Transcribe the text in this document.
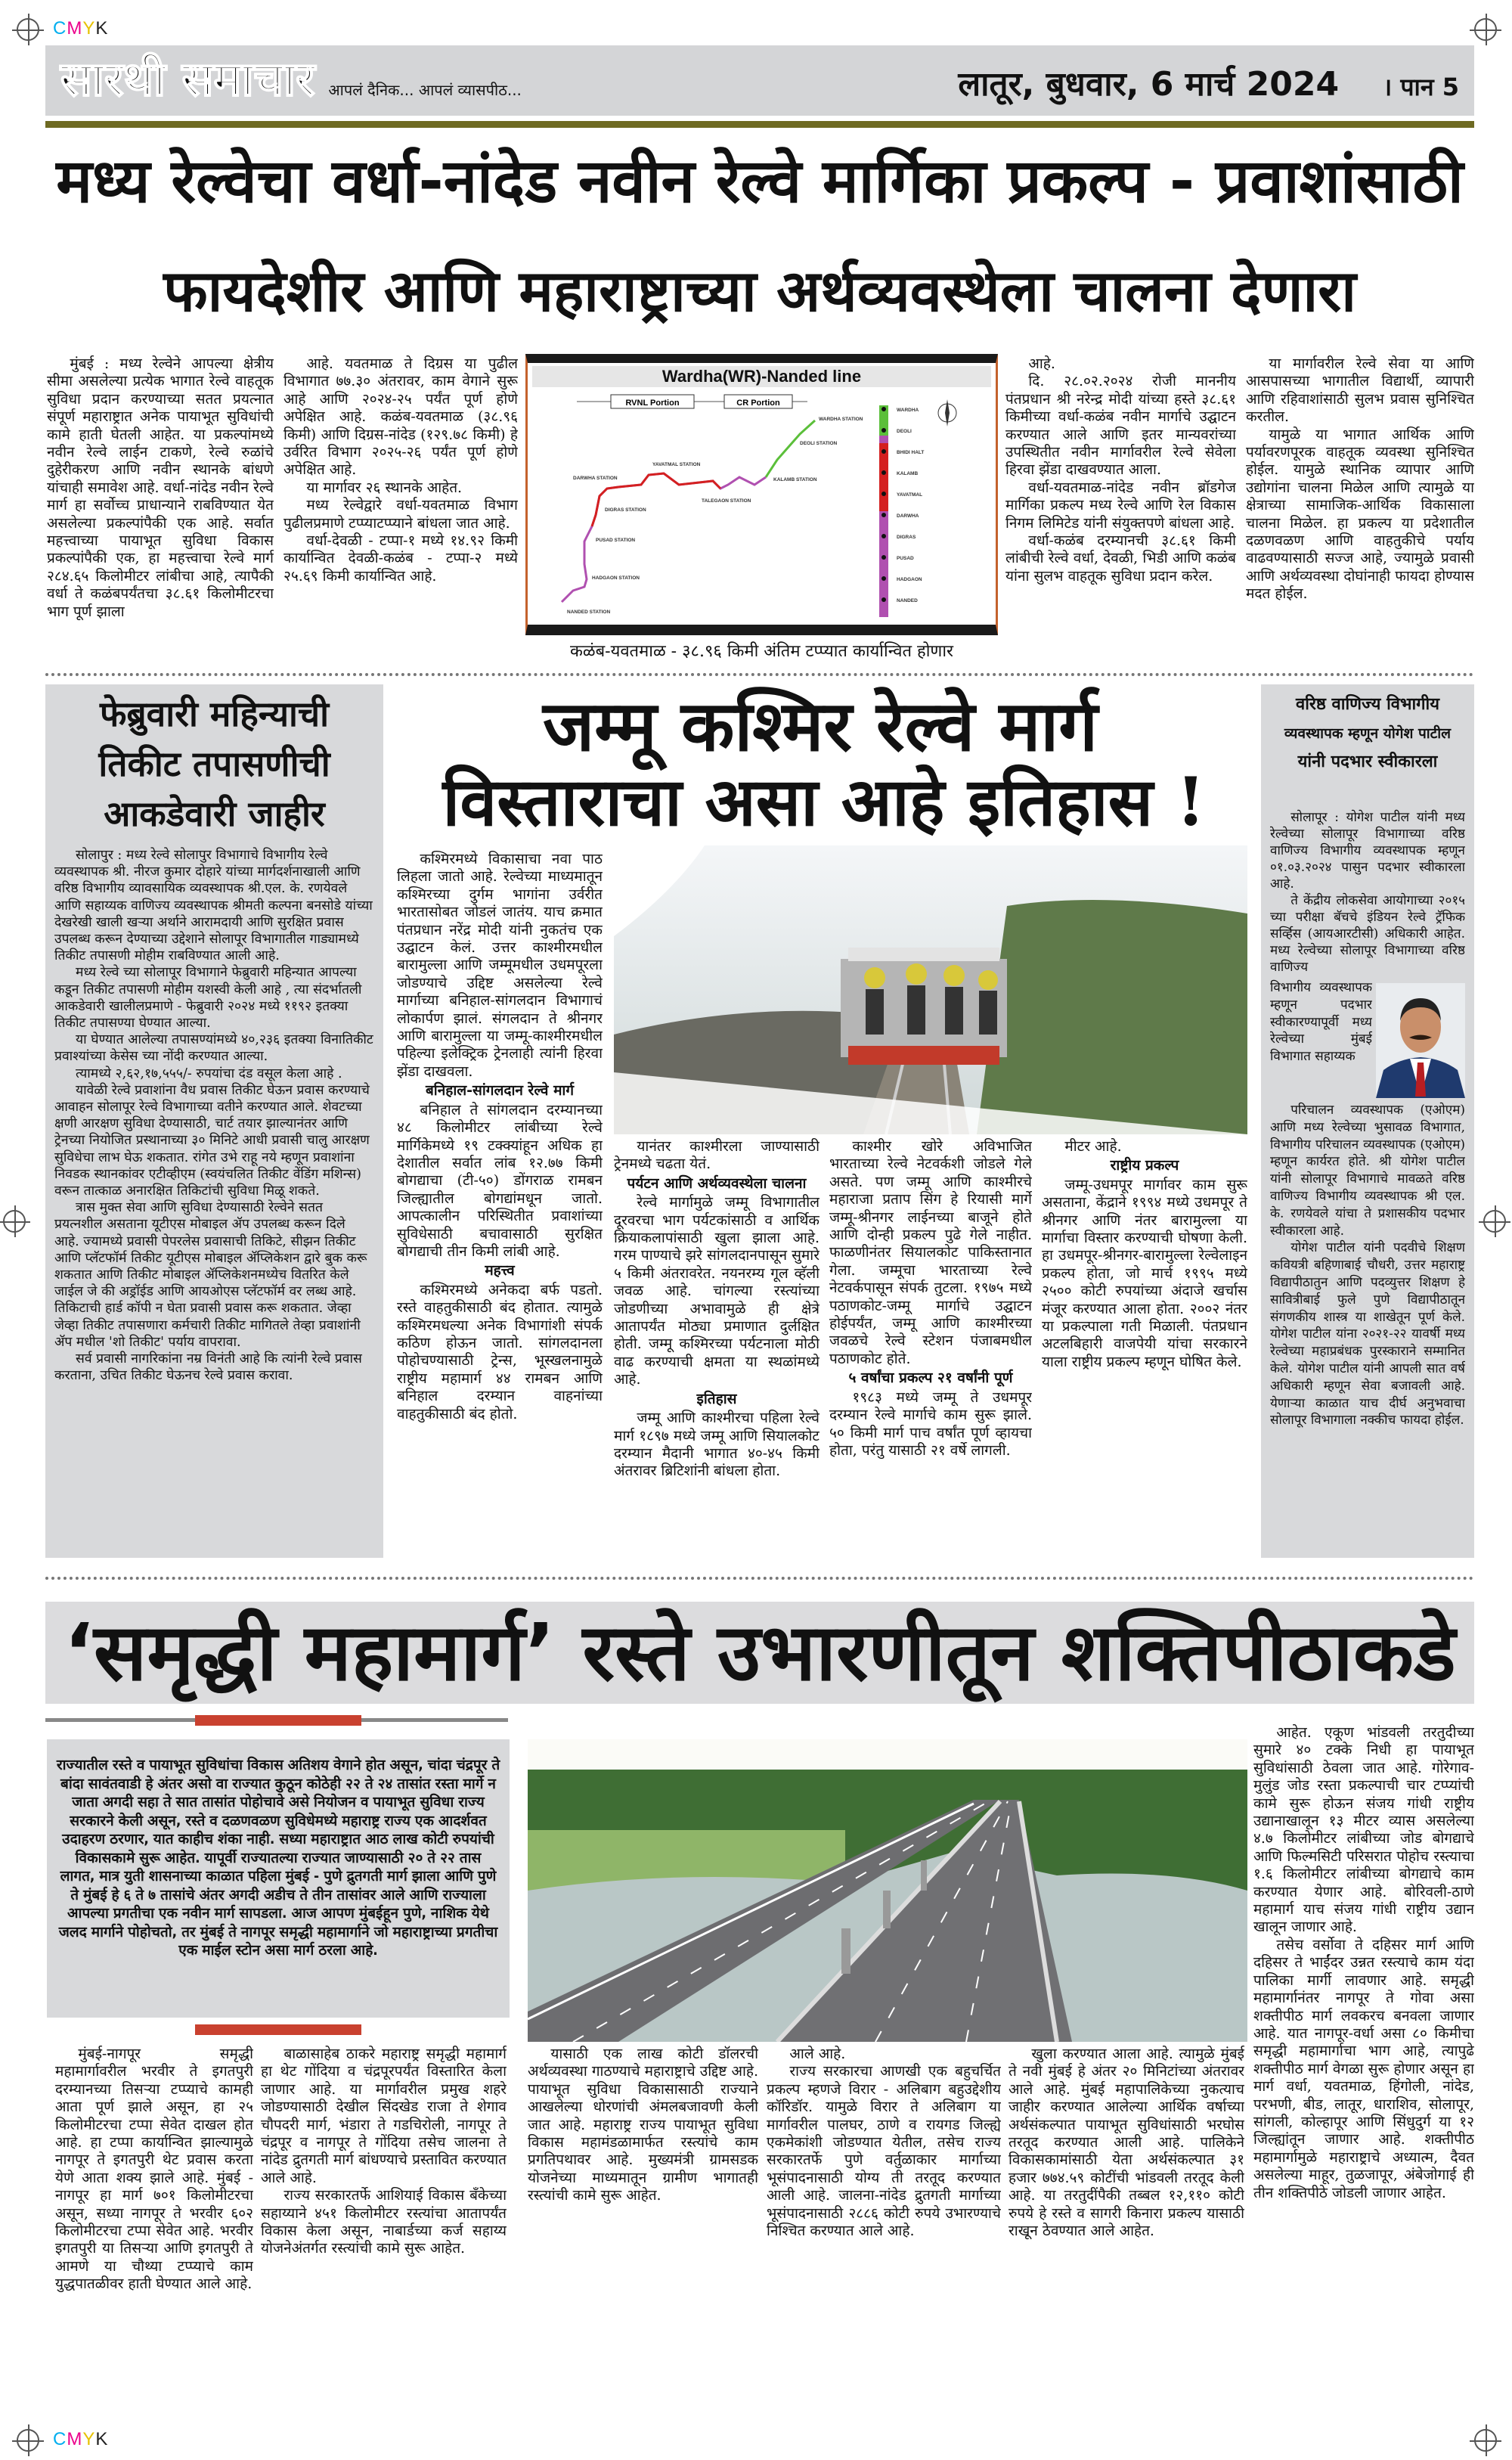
CMYK
CMYK
सारथी समाचार आपलं दैनिक... आपलं व्यासपीठ...	लातूर, बुधवार, 6 मार्च 2024 । पान 5
मध्य रेल्वेचा वर्धा-नांदेड नवीन रेल्वे मार्गिका प्रकल्प - प्रवाशांसाठी
फायदेशीर आणि महाराष्ट्राच्या अर्थव्यवस्थेला चालना देणारा

मुंबई : मध्य रेल्वेने आपल्या क्षेत्रीय सीमा असलेल्या प्रत्येक भागात रेल्वे वाहतूक सुविधा प्रदान करण्याच्या सतत प्रयत्नात संपूर्ण महाराष्ट्रात अनेक पायाभूत सुविधांची कामे हाती घेतली आहेत. या प्रकल्पांमध्ये नवीन रेल्वे लाईन टाकणे, रेल्वे रुळांचे दुहेरीकरण आणि नवीन स्थानके बांधणे यांचाही समावेश आहे. वर्धा-नांदेड नवीन रेल्वे मार्ग हा सर्वोच्च प्राधान्याने राबविण्यात येत असलेल्या प्रकल्पांपैकी एक आहे. सर्वात महत्त्वाच्या पायाभूत सुविधा विकास प्रकल्पांपैकी एक, हा महत्त्वाचा रेल्वे मार्ग २८४.६५ किलोमीटर लांबीचा आहे, त्यापैकी वर्धा ते कळंबपर्यंतचा ३८.६१ किलोमीटरचा भाग पूर्ण झाला

आहे. यवतमाळ ते दिग्रस या पुढील विभागात ७७.३० अंतरावर, काम वेगाने सुरू आहे आणि २०२४-२५ पर्यंत पूर्ण होणे अपेक्षित आहे. कळंब-यवतमाळ (३८.९६ किमी) आणि दिग्रस-नांदेड (१२९.७८ किमी) हे उर्वरित विभाग २०२५-२६ पर्यंत पूर्ण होणे अपेक्षित आहे.

या मार्गावर २६ स्थानके आहेत.

मध्य रेल्वेद्वारे वर्धा-यवतमाळ विभाग पुढीलप्रमाणे टप्प्याटप्प्याने बांधला जात आहे.

वर्धा-देवळी - टप्पा-१ मध्ये १४.९२ किमी कार्यान्वित देवळी-कळंब - टप्पा-२ मध्ये २५.६९ किमी कार्यान्वित आहे.

Wardha(WR)-Nanded line
RVNL Portion	CR Portion
WARDHA STATION
DEOLI STATION
KALAMB STATION
YAVATMAL STATION
TALEGAON STATION
DARWHA STATION
DIGRAS STATION
PUSAD STATION
HADGAON STATION
NANDED STATION
WARDHA
DEOLI
BHIDI HALT
KALAMB
YAVATMAL
DARWHA
DIGRAS
PUSAD
HADGAON
NANDED
कळंब-यवतमाळ - ३८.९६ किमी अंतिम टप्प्यात कार्यान्वित होणार

आहे.

दि. २८.०२.२०२४ रोजी माननीय पंतप्रधान श्री नरेन्द्र मोदी यांच्या हस्ते ३८.६१ किमीच्या वर्धा-कळंब नवीन मार्गाचे उद्घाटन करण्यात आले आणि इतर मान्यवरांच्या उपस्थितीत नवीन मार्गावरील रेल्वे सेवेला हिरवा झेंडा दाखवण्यात आला.

वर्धा-यवतमाळ-नांदेड नवीन ब्रॉडगेज मार्गिका प्रकल्प मध्य रेल्वे आणि रेल विकास निगम लिमिटेड यांनी संयुक्तपणे बांधला आहे.

वर्धा-कळंब दरम्यानची ३८.६१ किमी लांबीची रेल्वे वर्धा, देवळी, भिडी आणि कळंब यांना सुलभ वाहतूक सुविधा प्रदान करेल.

या मार्गावरील रेल्वे सेवा या आणि आसपासच्या भागातील विद्यार्थी, व्यापारी आणि रहिवाशांसाठी सुलभ प्रवास सुनिश्चित करतील.

यामुळे या भागात आर्थिक आणि पर्यावरणपूरक वाहतूक व्यवस्था सुनिश्चित होईल. यामुळे स्थानिक व्यापार आणि उद्योगांना चालना मिळेल आणि त्यामुळे या क्षेत्राच्या सामाजिक-आर्थिक विकासाला चालना मिळेल. हा प्रकल्प या प्रदेशातील दळणवळण आणि वाहतुकीचे पर्याय वाढवण्यासाठी सज्ज आहे, ज्यामुळे प्रवासी आणि अर्थव्यवस्था दोघांनाही फायदा होण्यास मदत होईल.

फेब्रुवारी महिन्याची
तिकीट तपासणीची
आकडेवारी जाहीर

सोलापुर : मध्य रेल्वे सोलापुर विभागाचे विभागीय रेल्वे व्यवस्थापक श्री. नीरज कुमार दोहारे यांच्या मार्गदर्शनाखाली आणि वरिष्ठ विभागीय व्यावसायिक व्यवस्थापक श्री.एल. के. रणयेवले आणि सहाय्यक वाणिज्य व्यवस्थापक श्रीमती कल्पना बनसोडे यांच्या देखरेखी खाली खऱ्या अर्थाने आरामदायी आणि सुरक्षित प्रवास उपलब्ध करून देण्याच्या उद्देशाने सोलापूर विभागातील गाड्यामध्ये तिकीट तपासणी मोहीम राबविण्यात आली आहे.

मध्य रेल्वे च्या सोलापूर विभागाने फेब्रुवारी महिन्यात आपल्या कडून तिकीट तपासणी मोहीम यशस्वी केली आहे , त्या संदर्भातली आकडेवारी खालीलप्रमाणे - फेब्रुवारी २०२४ मध्ये ११९२ इतक्या तिकीट तपासण्या घेण्यात आल्या.

या घेण्यात आलेल्या तपासण्यांमध्ये ४०,२३६ इतक्या विनातिकीट प्रवाश्यांच्या केसेस च्या नोंदी करण्यात आल्या.

त्यामध्ये २,६२,१७,५५५/- रुपयांचा दंड वसूल केला आहे .

यावेळी रेल्वे प्रवाशांना वैध प्रवास तिकीट घेऊन प्रवास करण्याचे आवाहन सोलापूर रेल्वे विभागाच्या वतीने करण्यात आले. शेवटच्या क्षणी आरक्षण सुविधा देण्यासाठी, चार्ट तयार झाल्यानंतर आणि ट्रेनच्या नियोजित प्रस्थानाच्या ३० मिनिटे आधी प्रवासी चालु आरक्षण सुविधेचा लाभ घेऊ शकतात. रांगेत उभे राहू नये म्हणून प्रवाशांना निवडक स्थानकांवर एटीव्हीएम (स्वयंचलित तिकीट वेंडिंग मशिन्स) वरून तात्काळ अनारक्षित तिकिटांची सुविधा मिळू शकते.

त्रास मुक्त सेवा आणि सुविधा देण्यासाठी रेल्वेने सतत प्रयत्नशील असताना यूटीएस मोबाइल ॲप उपलब्ध करून दिले आहे. ज्यामध्ये प्रवासी पेपरलेस प्रवासाची तिकिटे, सीझन तिकीट आणि प्लॅटफॉर्म तिकीट यूटीएस मोबाइल ॲप्लिकेशन द्वारे बुक करू शकतात आणि तिकीट मोबाइल ॲप्लिकेशनमध्येच वितरित केले जाईल जे की अड्रॉईड आणि आयओएस प्लॅटफॉर्म वर लब्ध आहे. तिकिटाची हार्ड कॉपी न घेता प्रवासी प्रवास करू शकतात. जेव्हा जेव्हा तिकीट तपासणारा कर्मचारी तिकीट मागितले तेव्हा प्रवाशांनी ॲप मधील 'शो तिकीट' पर्याय वापरावा.

सर्व प्रवासी नागरिकांना नम्र विनंती आहे कि त्यांनी रेल्वे प्रवास करताना, उचित तिकीट घेऊनच रेल्वे प्रवास करावा.

जम्मू कश्मिर रेल्वे मार्ग
विस्ताराचा असा आहे इतिहास !

कश्मिरमध्ये विकासाचा नवा पाठ लिहला जातो आहे. रेल्वेच्या माध्यमातून कश्मिरच्या दुर्गम भागांना उर्वरीत भारतासोबत जोडलं जातंय. याच क्रमात पंतप्रधान नरेंद्र मोदी यांनी नुकतंच एक उद्घाटन केलं. उत्तर काश्मीरमधील बारामुल्ला आणि जम्मूमधील उधमपूरला जोडण्याचे उद्दिष्ट असलेल्या रेल्वे मार्गाच्या बनिहाल-सांगलदान विभागाचं लोकार्पण झालं. संगलदान ते श्रीनगर आणि बारामुल्ला या जम्मू-काश्मीरमधील पहिल्या इलेक्ट्रिक ट्रेनलाही त्यांनी हिरवा झेंडा दाखवला.

बनिहाल-सांगलदान रेल्वे मार्ग

बनिहाल ते सांगलदान दरम्यानच्या ४८ किलोमीटर लांबीच्या रेल्वे मार्गिकेमध्ये १९ टक्क्यांहून अधिक हा देशातील सर्वात लांब १२.७७ किमी बोगद्याचा (टी-५०) डोंगराळ रामबन जिल्ह्यातील बोगद्यांमधून जातो. आपत्कालीन परिस्थितीत प्रवाशांच्या सुविधेसाठी बचावासाठी सुरक्षित बोगद्याची तीन किमी लांबी आहे.

महत्त्व

कश्मिरमध्ये अनेकदा बर्फ पडतो. रस्ते वाहतुकीसाठी बंद होतात. त्यामुळे कश्मिरमधल्या अनेक विभागांशी संपर्क कठिण होऊन जातो. सांगलदानला पोहोचण्यासाठी ट्रेन्स, भूस्खलनामुळे राष्ट्रीय महामार्ग ४४ रामबन आणि बनिहाल दरम्यान वाहनांच्या वाहतुकीसाठी बंद होतो.

यानंतर काश्मीरला जाण्यासाठी ट्रेनमध्ये चढता येतं.

पर्यटन आणि अर्थव्यवस्थेला चालना

रेल्वे मार्गामुळे जम्मू विभागातील दूरवरचा भाग पर्यटकांसाठी व आर्थिक क्रियाकलापांसाठी खुला झाला आहे. गरम पाण्याचे झरे सांगलदानपासून सुमारे ५ किमी अंतरावरेत. नयनरम्य गूल व्हॅली जवळ आहे. चांगल्या रस्त्यांच्या जोडणीच्या अभावामुळे ही क्षेत्रे आतापर्यंत मोठ्या प्रमाणात दुर्लक्षित होती. जम्मू कश्मिरच्या पर्यटनाला मोठी वाढ करण्याची क्षमता या स्थळांमध्ये आहे.

इतिहास

जम्मू आणि काश्मीरचा पहिला रेल्वे मार्ग १८९७ मध्ये जम्मू आणि सियालकोट दरम्यान मैदानी भागात ४०-४५ किमी अंतरावर ब्रिटिशांनी बांधला होता.

काश्मीर खोरे अविभाजित भारताच्या रेल्वे नेटवर्कशी जोडले गेले असते. पण जम्मू आणि काश्मीरचे महाराजा प्रताप सिंग हे रियासी मार्गे जम्मू-श्रीनगर लाईनच्या बाजूने होते आणि दोन्ही प्रकल्प पुढे गेले नाहीत. फाळणीनंतर सियालकोट पाकिस्तानात गेला. जम्मूचा भारताच्या रेल्वे नेटवर्कपासून संपर्क तुटला. १९७५ मध्ये पठाणकोट-जम्मू मार्गाचे उद्घाटन होईपर्यंत, जम्मू आणि काश्मीरच्या जवळचे रेल्वे स्टेशन पंजाबमधील पठाणकोट होते.

५ वर्षांचा प्रकल्प २१ वर्षांनी पूर्ण

१९८३ मध्ये जम्मू ते उधमपूर दरम्यान रेल्वे मार्गाचे काम सुरू झाले. ५० किमी मार्ग पाच वर्षांत पूर्ण व्हायचा होता, परंतु यासाठी २१ वर्षे लागली.

मीटर आहे.

राष्ट्रीय प्रकल्प

जम्मू-उधमपूर मार्गावर काम सुरू असताना, केंद्राने १९९४ मध्ये उधमपूर ते श्रीनगर आणि नंतर बारामुल्ला या मार्गाचा विस्तार करण्याची घोषणा केली. हा उधमपूर-श्रीनगर-बारामुल्ला रेल्वेलाइन प्रकल्प होता, जो मार्च १९९५ मध्ये २५०० कोटी रुपयांच्या अंदाजे खर्चास मंजूर करण्यात आला होता. २००२ नंतर या प्रकल्पाला गती मिळाली. पंतप्रधान अटलबिहारी वाजपेयी यांचा सरकारने याला राष्ट्रीय प्रकल्प म्हणून घोषित केले.

वरिष्ठ वाणिज्य विभागीय
व्यवस्थापक म्हणून योगेश पाटील
यांनी पदभार स्वीकारला

सोलापूर : योगेश पाटील यांनी मध्य रेल्वेच्या सोलापूर विभागाच्या वरिष्ठ वाणिज्य विभागीय व्यवस्थापक म्हणून ०१.०३.२०२४ पासुन पदभार स्वीकारला आहे.

ते केंद्रीय लोकसेवा आयोगाच्या २०१५ च्या परीक्षा बॅचचे इंडियन रेल्वे ट्रॅफिक सर्व्हिस (आयआरटीसी) अधिकारी आहेत. मध्य रेल्वेच्या सोलापूर विभागाच्या वरिष्ठ वाणिज्य

विभागीय व्यवस्थापक म्हणून पदभार स्वीकारण्यापूर्वी मध्य रेल्वेच्या मुंबई विभागात सहाय्यक

परिचालन व्यवस्थापक (एओएम) आणि मध्य रेल्वेच्या भुसावळ विभागात, विभागीय परिचालन व्यवस्थापक (एओएम) म्हणून कार्यरत होते. श्री योगेश पाटील यांनी सोलापूर विभागाचे मावळते वरिष्ठ वाणिज्य विभागीय व्यवस्थापक श्री एल. के. रणयेवले यांचा ते प्रशासकीय पदभार स्वीकारला आहे.

योगेश पाटील यांनी पदवीचे शिक्षण कवियत्री बहिणाबाई चौधरी, उत्तर महाराष्ट्र विद्यापीठातुन आणि पदव्युत्तर शिक्षण हे सावित्रीबाई फुले पुणे विद्यापीठातून संगणकीय शास्त्र या शाखेतून पूर्ण केले. योगेश पाटील यांना २०२१-२२ यावर्षी मध्य रेल्वेच्या महाप्रबंधक पुरस्काराने सम्मानित केले. योगेश पाटील यांनी आपली सात वर्ष अधिकारी म्हणून सेवा बजावली आहे. येणाऱ्या काळात याच दीर्घ अनुभवाचा सोलापूर विभागाला नक्कीच फायदा होईल.

‘समृद्धी महामार्ग’ रस्ते उभारणीतून शक्तिपीठाकडे
राज्यातील रस्ते व पायाभूत सुविधांचा विकास अतिशय वेगाने होत असून, चांदा चंद्रपूर ते बांदा सावंतवाडी हे अंतर असो वा राज्यात कुठून कोठेही २२ ते २४ तासांत रस्ता मार्गे न जाता अगदी सहा ते सात तासांत पोहोचावे असे नियोजन व पायाभूत सुविधा राज्य सरकारने केली असून, रस्ते व दळणवळण सुविधेमध्ये महाराष्ट्र राज्य एक आदर्शवत उदाहरण ठरणार, यात काहीच शंका नाही. सध्या महाराष्ट्रात आठ लाख कोटी रुपयांची विकासकामे सुरू आहेत. यापूर्वी राज्यातल्या राज्यात जाण्यासाठी २० ते २२ तास लागत, मात्र युती शासनाच्या काळात पहिला मुंबई - पुणे द्रुतगती मार्ग झाला आणि पुणे ते मुंबई हे ६ ते ७ तासांचे अंतर अगदी अडीच ते तीन तासांवर आले आणि राज्याला आपल्या प्रगतीचा एक नवीन मार्ग सापडला. आज आपण मुंबईहून पुणे, नाशिक येथे जलद मार्गाने पोहोचतो, तर मुंबई ते नागपूर समृद्धी महामार्गाने जो महाराष्ट्राच्या प्रगतीचा एक माईल स्टोन असा मार्ग ठरला आहे.

मुंबई-नागपूर समृद्धी महामार्गावरील भरवीर ते इगतपुरी दरम्यानच्या तिसऱ्या टप्प्याचे कामही आता पूर्ण झाले असून, हा २५ किलोमीटरचा टप्पा सेवेत दाखल होत आहे. हा टप्पा कार्यान्वित झाल्यामुळे नागपूर ते इगतपुरी थेट प्रवास करता येणे आता शक्य झाले आहे. मुंबई - नागपूर हा मार्ग ७०१ किलोमीटरचा असून, सध्या नागपूर ते भरवीर ६०२ किलोमीटरचा टप्पा सेवेत आहे. भरवीर इगतपुरी या तिसऱ्या आणि इगतपुरी ते आमणे या चौथ्या टप्प्याचे काम युद्धपातळीवर हाती घेण्यात आले आहे.

बाळासाहेब ठाकरे महाराष्ट्र समृद्धी महामार्ग हा थेट गोंदिया व चंद्रपूरपर्यंत विस्तारित केला जाणार आहे. या मार्गावरील प्रमुख शहरे जोडण्यासाठी देखील सिंदखेड राजा ते शेगाव चौपदरी मार्ग, भंडारा ते गडचिरोली, नागपूर ते चंद्रपूर व नागपूर ते गोंदिया तसेच जालना ते नांदेड द्रुतगती मार्ग बांधण्याचे प्रस्तावित करण्यात आले आहे.

राज्य सरकारतर्फे आशियाई विकास बँकेच्या सहाय्याने ४५१ किलोमीटर रस्त्यांचा आतापर्यंत विकास केला असून, नाबार्डच्या कर्ज सहाय्य योजनेअंतर्गत रस्त्यांची कामे सुरू आहेत.

यासाठी एक लाख कोटी डॉलरची अर्थव्यवस्था गाठण्याचे महाराष्ट्राचे उद्दिष्ट आहे. पायाभूत सुविधा विकासासाठी राज्याने आखलेल्या धोरणांची अंमलबजावणी केली जात आहे. महाराष्ट्र राज्य पायाभूत सुविधा विकास महामंडळामार्फत रस्त्यांचे काम प्रगतिपथावर आहे. मुख्यमंत्री ग्रामसडक योजनेच्या माध्यमातून ग्रामीण भागातही रस्त्यांची कामे सुरू आहेत.

आले आहे.

राज्य सरकारचा आणखी एक बहुचर्चित प्रकल्प म्हणजे विरार - अलिबाग बहुउद्देशीय कॉरिडॉर. यामुळे विरार ते अलिबाग या मार्गावरील पालघर, ठाणे व रायगड जिल्ह्ये एकमेकांशी जोडण्यात येतील, तसेच राज्य सरकारतर्फे पुणे वर्तुळाकार मार्गाच्या भूसंपादनासाठी योग्य ती तरतूद करण्यात आली आहे. जालना-नांदेड द्रुतगती मार्गाच्या भूसंपादनासाठी २८८६ कोटी रुपये उभारण्याचे निश्चित करण्यात आले आहे.

खुला करण्यात आला आहे. त्यामुळे मुंबई ते नवी मुंबई हे अंतर २० मिनिटांच्या अंतरावर आले आहे. मुंबई महापालिकेच्या नुकत्याच जाहीर करण्यात आलेल्या आर्थिक वर्षाच्या अर्थसंकल्पात पायाभूत सुविधांसाठी भरघोस तरतूद करण्यात आली आहे. पालिकेने विकासकामांसाठी येता अर्थसंकल्पात ३१ हजार ७७४.५९ कोटींची भांडवली तरतूद केली आहे. या तरतुदींपैकी तब्बल १२,११० कोटी रुपये हे रस्ते व सागरी किनारा प्रकल्प यासाठी राखून ठेवण्यात आले आहेत.

आहेत. एकूण भांडवली तरतुदीच्या सुमारे ४० टक्के निधी हा पायाभूत सुविधांसाठी ठेवला जात आहे. गोरेगाव-मुलुंड जोड रस्ता प्रकल्पाची चार टप्प्यांची कामे सुरू होऊन संजय गांधी राष्ट्रीय उद्यानाखालून १३ मीटर व्यास असलेल्या ४.७ किलोमीटर लांबीच्या जोड बोगद्याचे आणि फिल्मसिटी परिसरात पोहोच रस्त्याचा १.६ किलोमीटर लांबीच्या बोगद्याचे काम करण्यात येणार आहे. बोरिवली-ठाणे महामार्ग याच संजय गांधी राष्ट्रीय उद्यान खालून जाणार आहे.

तसेच वर्सोवा ते दहिसर मार्ग आणि दहिसर ते भाईंदर उन्नत रस्त्याचे काम यंदा पालिका मार्गी लावणार आहे. समृद्धी महामार्गानंतर नागपूर ते गोवा असा शक्तीपीठ मार्ग लवकरच बनवला जाणार आहे. यात नागपूर-वर्धा असा ८० किमीचा समृद्धी महामार्गाचा भाग आहे, त्यापुढे शक्तीपीठ मार्ग वेगळा सुरू होणार असून हा मार्ग वर्धा, यवतमाळ, हिंगोली, नांदेड, परभणी, बीड, लातूर, धाराशिव, सोलापूर, सांगली, कोल्हापूर आणि सिंधुदुर्ग या १२ जिल्ह्यांतून जाणार आहे. शक्तीपीठ महामार्गामुळे महाराष्ट्राचे अध्यात्म, दैवत असलेल्या माहूर, तुळजापूर, अंबेजोगाई ही तीन शक्तिपीठे जोडली जाणार आहेत.
